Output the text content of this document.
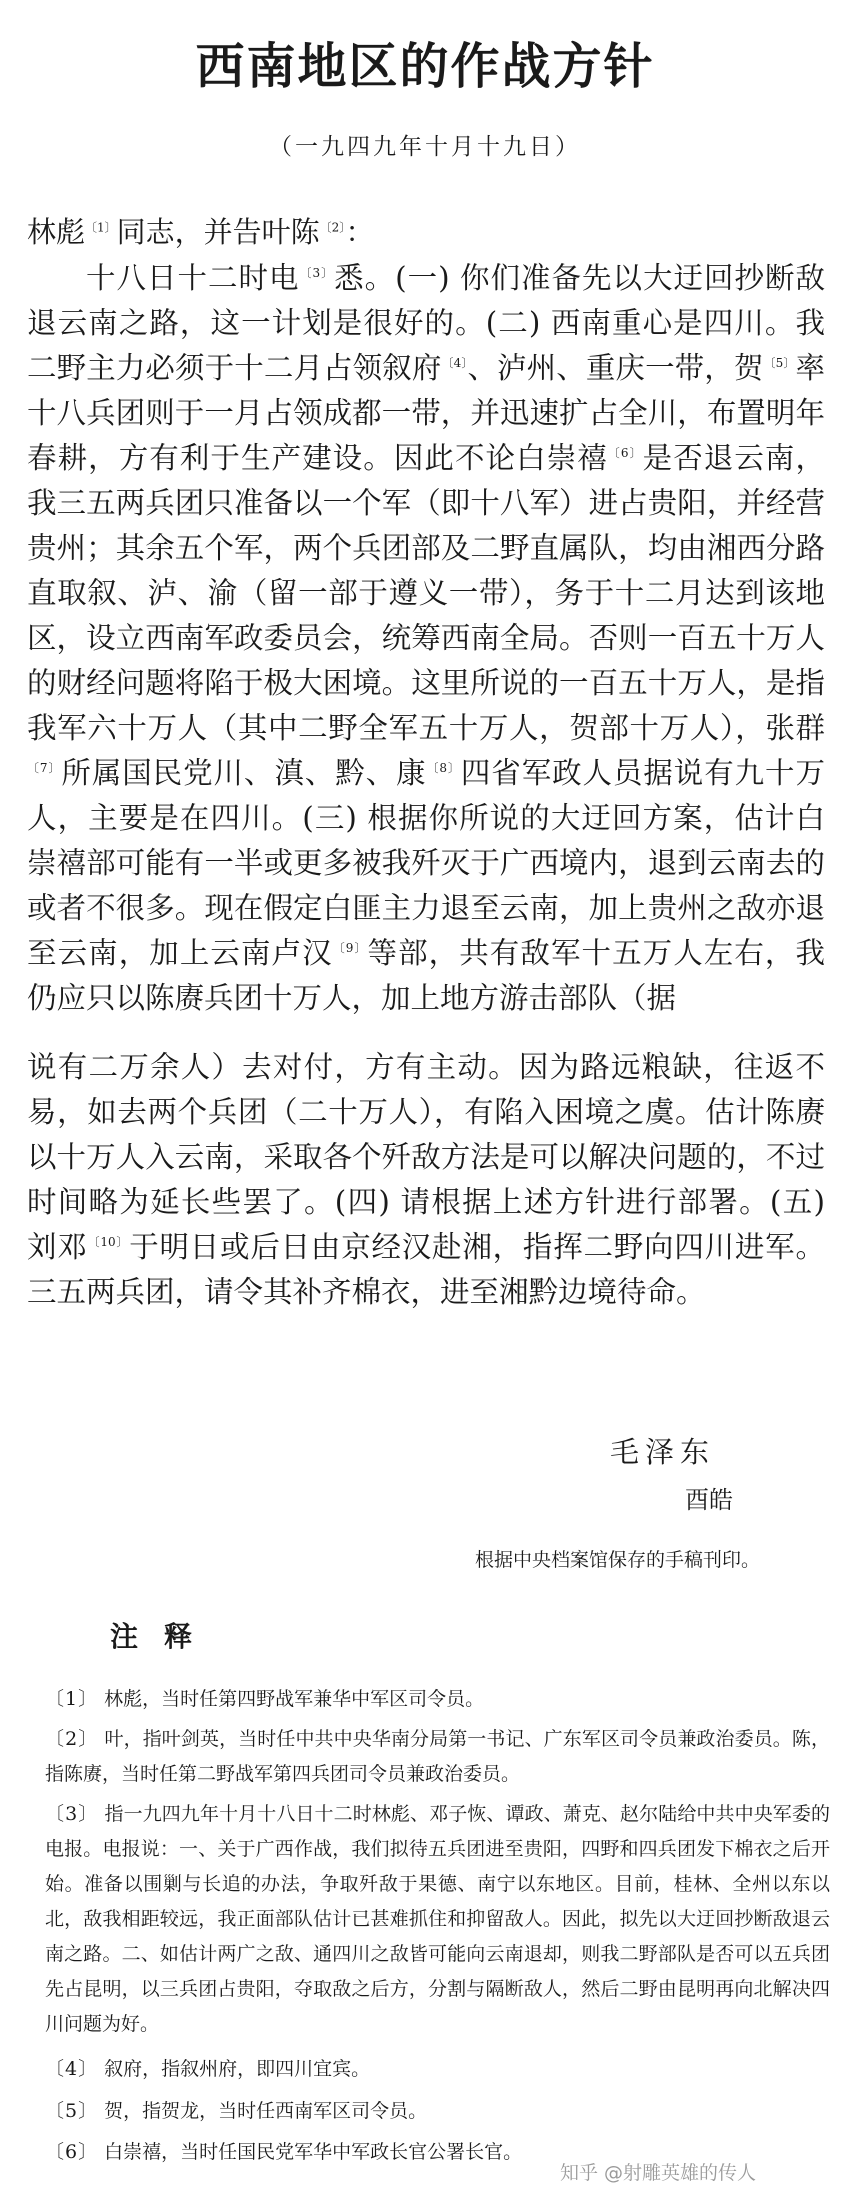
西南地区的作战方针
（一九四九年十月十九日）
林彪$^{〔1〕}$同志，并告叶陈$^{〔2〕}$：
十八日十二时电$^{〔3〕}$悉。(一) 你们准备先以大迂回抄断敌退云南之路，这一计划是很好的。(二) 西南重心是四川。我二野主力必须于十二月占领叙府$^{〔4〕}$、泸州、重庆一带，贺$^{〔5〕}$率十八兵团则于一月占领成都一带，并迅速扩占全川，布置明年春耕，方有利于生产建设。因此不论白崇禧$^{〔6〕}$是否退云南，我三五两兵团只准备以一个军（即十八军）进占贵阳，并经营贵州；其余五个军，两个兵团部及二野直属队，均由湘西分路直取叙、泸、渝（留一部于遵义一带），务于十二月达到该地区，设立西南军政委员会，统筹西南全局。否则一百五十万人的财经问题将陷于极大困境。这里所说的一百五十万人，是指我军六十万人（其中二野全军五十万人，贺部十万人），张群$^{〔7〕}$所属国民党川、滇、黔、康$^{〔8〕}$四省军政人员据说有九十万人，主要是在四川。(三) 根据你所说的大迂回方案，估计白崇禧部可能有一半或更多被我歼灭于广西境内，退到云南去的或者不很多。现在假定白匪主力退至云南，加上贵州之敌亦退至云南，加上云南卢汉$^{〔9〕}$等部，共有敌军十五万人左右，我仍应只以陈赓兵团十万人，加上地方游击部队（据
说有二万余人）去对付，方有主动。因为路远粮缺，往返不易，如去两个兵团（二十万人），有陷入困境之虞。估计陈赓以十万人入云南，采取各个歼敌方法是可以解决问题的，不过时间略为延长些罢了。(四) 请根据上述方针进行部署。(五) 刘邓$^{〔10〕}$于明日或后日由京经汉赴湘，指挥二野向四川进军。三五两兵团，请令其补齐棉衣，进至湘黔边境待命。
毛泽东
酉皓
根据中央档案馆保存的手稿刊印。
注释
〔1〕 林彪，当时任第四野战军兼华中军区司令员。
〔2〕 叶，指叶剑英，当时任中共中央华南分局第一书记、广东军区司令员兼政治委员。陈，指陈赓，当时任第二野战军第四兵团司令员兼政治委员。
〔3〕 指一九四九年十月十八日十二时林彪、邓子恢、谭政、萧克、赵尔陆给中共中央军委的电报。电报说：一、关于广西作战，我们拟待五兵团进至贵阳，四野和四兵团发下棉衣之后开始。准备以围剿与长追的办法，争取歼敌于果德、南宁以东地区。目前，桂林、全州以东以北，敌我相距较远，我正面部队估计已甚难抓住和抑留敌人。因此，拟先以大迂回抄断敌退云南之路。二、如估计两广之敌、通四川之敌皆可能向云南退却，则我二野部队是否可以五兵团先占昆明，以三兵团占贵阳，夺取敌之后方，分割与隔断敌人，然后二野由昆明再向北解决四川问题为好。
〔4〕 叙府，指叙州府，即四川宜宾。
〔5〕 贺，指贺龙，当时任西南军区司令员。
〔6〕 白崇禧，当时任国民党军华中军政长官公署长官。
知乎 @射雕英雄的传人
